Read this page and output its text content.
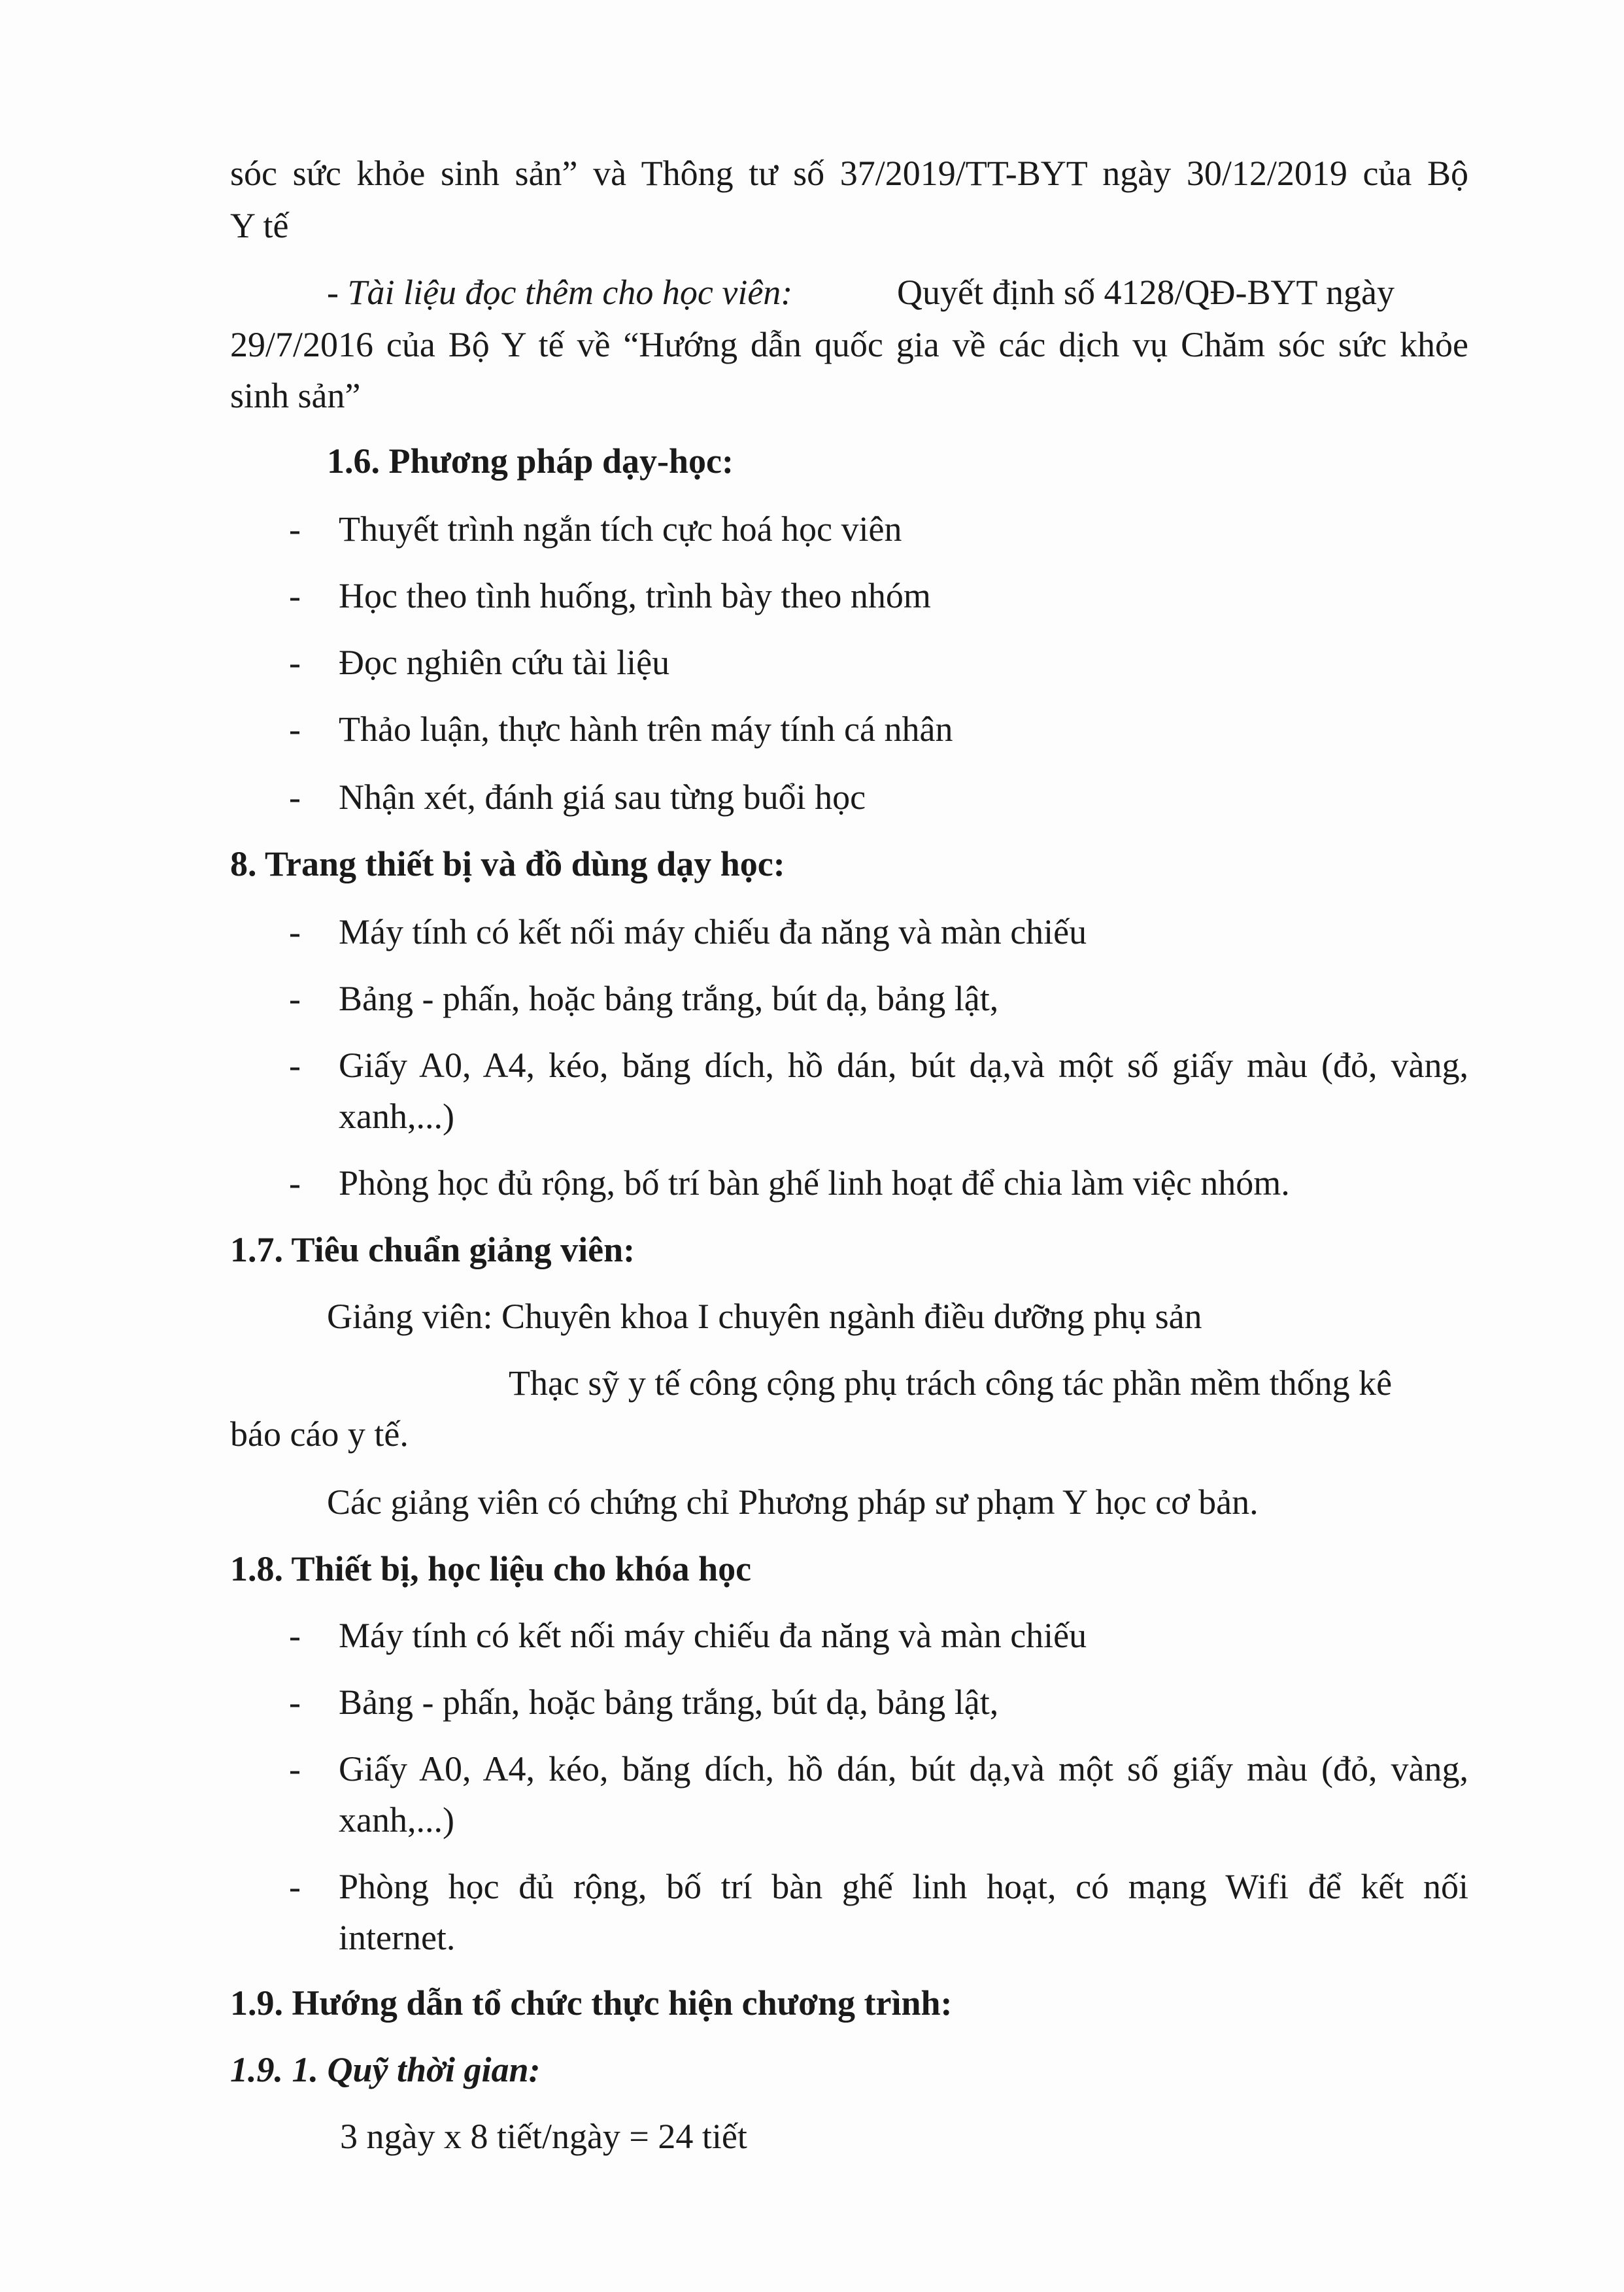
sóc sức khỏe sinh sản” và Thông tư số 37/2019/TT-BYT ngày 30/12/2019 của Bộ
Y tế
- Tài liệu đọc thêm cho học viên:	Quyết định số 4128/QĐ-BYT ngày
29/7/2016 của Bộ Y tế về “Hướng dẫn quốc gia về các dịch vụ Chăm sóc sức khỏe
sinh sản”
1.6. Phương pháp dạy-học:
- Thuyết trình ngắn tích cực hoá học viên
- Học theo tình huống, trình bày theo nhóm
- Đọc nghiên cứu tài liệu
- Thảo luận, thực hành trên máy tính cá nhân
- Nhận xét, đánh giá sau từng buổi học
8. Trang thiết bị và đồ dùng dạy học:
- Máy tính có kết nối máy chiếu đa năng và màn chiếu
- Bảng - phấn, hoặc bảng trắng, bút dạ, bảng lật,
- Giấy A0, A4, kéo, băng dích, hồ dán, bút dạ,và một số giấy màu (đỏ, vàng,
xanh,...)
- Phòng học đủ rộng, bố trí bàn ghế linh hoạt để chia làm việc nhóm.
1.7. Tiêu chuẩn giảng viên:
Giảng viên: Chuyên khoa I chuyên ngành điều dưỡng phụ sản
Thạc sỹ y tế công cộng phụ trách công tác phần mềm thống kê
báo cáo y tế.
Các giảng viên có chứng chỉ Phương pháp sư phạm Y học cơ bản.
1.8. Thiết bị, học liệu cho khóa học
- Máy tính có kết nối máy chiếu đa năng và màn chiếu
- Bảng - phấn, hoặc bảng trắng, bút dạ, bảng lật,
- Giấy A0, A4, kéo, băng dích, hồ dán, bút dạ,và một số giấy màu (đỏ, vàng,
xanh,...)
- Phòng học đủ rộng, bố trí bàn ghế linh hoạt, có mạng Wifi để kết nối
internet.
1.9. Hướng dẫn tổ chức thực hiện chương trình:
1.9. 1. Quỹ thời gian:
3 ngày x 8 tiết/ngày = 24 tiết
